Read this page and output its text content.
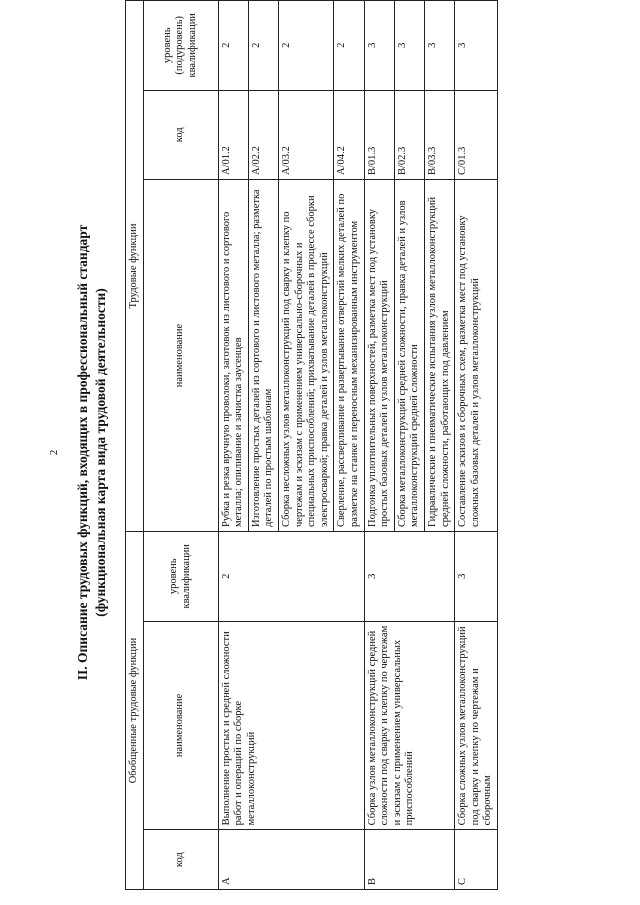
2 II. Описание трудовых функций, входящих в профессиональный стандарт (функциональная карта вида трудовой деятельности)
Обобщенные трудовые функции			Трудовые функции		
код	наименование	уровень квалификации	наименование	код	уровень (подуровень) квалификации
А	Выполнение простых и средней сложности работ и операций по сборке металлоконструкций	2	Рубка и резка вручную проволоки, заготовок из листового и сортового металла; опиливание и зачистка заусенцев	А/01.2	2
			Изготовление простых деталей из сортового и листового металла; разметка деталей по простым шаблонам	А/02.2	2
			Сборка несложных узлов металлоконструкций под сварку и клепку по чертежам и эскизам с применением универсально-сборочных и специальных приспособлений; прихватывание деталей в процессе сборки электросваркой; правка деталей и узлов металлоконструкций	А/03.2	2
			Сверление, рассверливание и развертывание отверстий мелких деталей по разметке на станке и переносным механизированным инструментом	А/04.2	2
В	Сборка узлов металлоконструкций средней сложности под сварку и клепку по чертежам и эскизам с применением универсальных приспособлений	3	Подгонка уплотнительных поверхностей, разметка мест под установку простых базовых деталей и узлов металлоконструкций	В/01.3	3
			Сборка металлоконструкций средней сложности, правка деталей и узлов металлоконструкций средней сложности	В/02.3	3
			Гидравлические и пневматические испытания узлов металлоконструкций средней сложности, работающих под давлением	В/03.3	3
С	Сборка сложных узлов металлоконструкций под сварку и клепку по чертежам и сборочным	3	Составление эскизов и сборочных схем, разметка мест под установку сложных базовых деталей и узлов металлоконструкций	С/01.3	3
